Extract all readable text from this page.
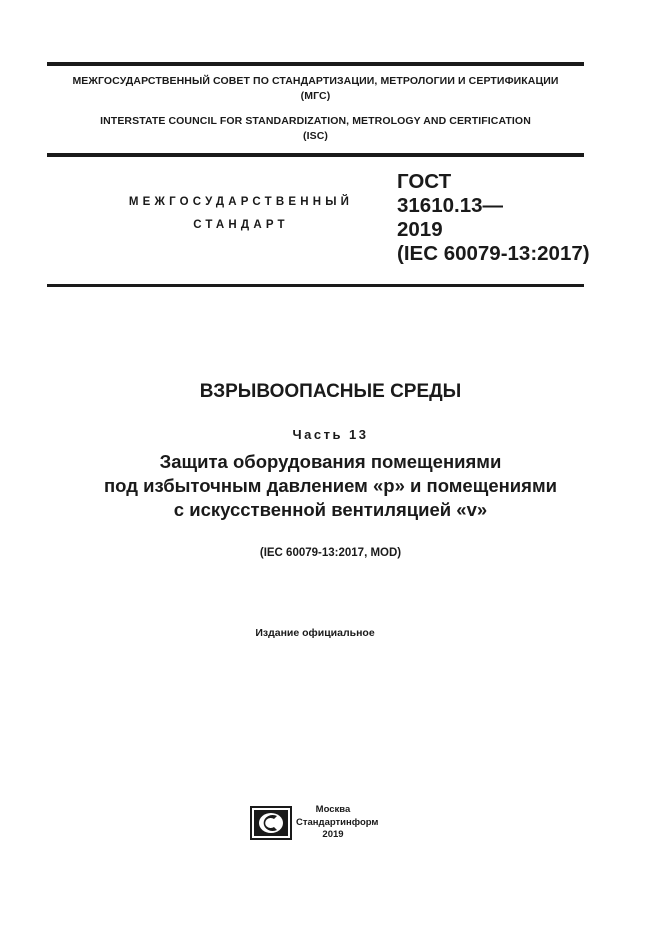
МЕЖГОСУДАРСТВЕННЫЙ СОВЕТ ПО СТАНДАРТИЗАЦИИ, МЕТРОЛОГИИ И СЕРТИФИКАЦИИ
(МГС)
INTERSTATE COUNCIL FOR STANDARDIZATION, METROLOGY AND CERTIFICATION
(ISC)
МЕЖГОСУДАРСТВЕННЫЙ
СТАНДАРТ
ГОСТ
31610.13—
2019
(IEC 60079-13:2017)
ВЗРЫВООПАСНЫЕ СРЕДЫ
Часть 13
Защита оборудования помещениями
под избыточным давлением «р» и помещениями
с искусственной вентиляцией «v»
(IEC 60079-13:2017, MOD)
Издание официальное
Москва
Стандартинформ
2019
